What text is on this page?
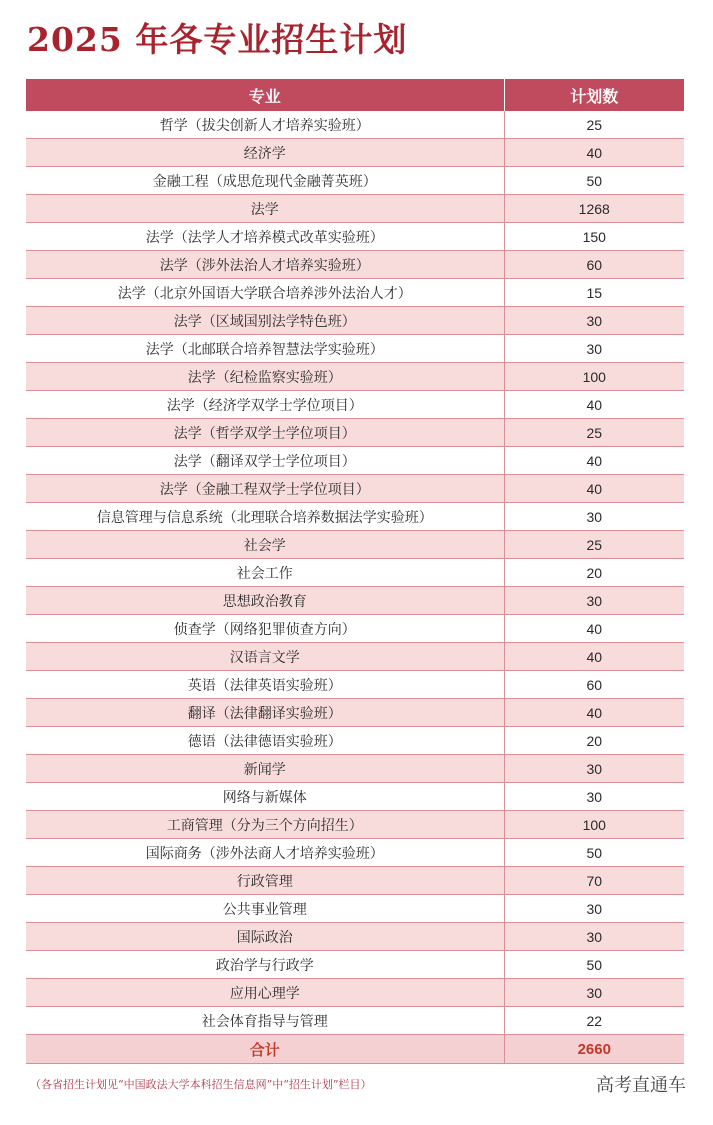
2025 年各专业招生计划
专业	计划数
哲学（拔尖创新人才培养实验班）	25
经济学	40
金融工程（成思危现代金融菁英班）	50
法学	1268
法学（法学人才培养模式改革实验班）	150
法学（涉外法治人才培养实验班）	60
法学（北京外国语大学联合培养涉外法治人才）	15
法学（区域国别法学特色班）	30
法学（北邮联合培养智慧法学实验班）	30
法学（纪检监察实验班）	100
法学（经济学双学士学位项目）	40
法学（哲学双学士学位项目）	25
法学（翻译双学士学位项目）	40
法学（金融工程双学士学位项目）	40
信息管理与信息系统（北理联合培养数据法学实验班）	30
社会学	25
社会工作	20
思想政治教育	30
侦查学（网络犯罪侦查方向）	40
汉语言文学	40
英语（法律英语实验班）	60
翻译（法律翻译实验班）	40
德语（法律德语实验班）	20
新闻学	30
网络与新媒体	30
工商管理（分为三个方向招生）	100
国际商务（涉外法商人才培养实验班）	50
行政管理	70
公共事业管理	30
国际政治	30
政治学与行政学	50
应用心理学	30
社会体育指导与管理	22
合计	2660
（各省招生计划见“中国政法大学本科招生信息网”中“招生计划”栏目）	高考直通车
